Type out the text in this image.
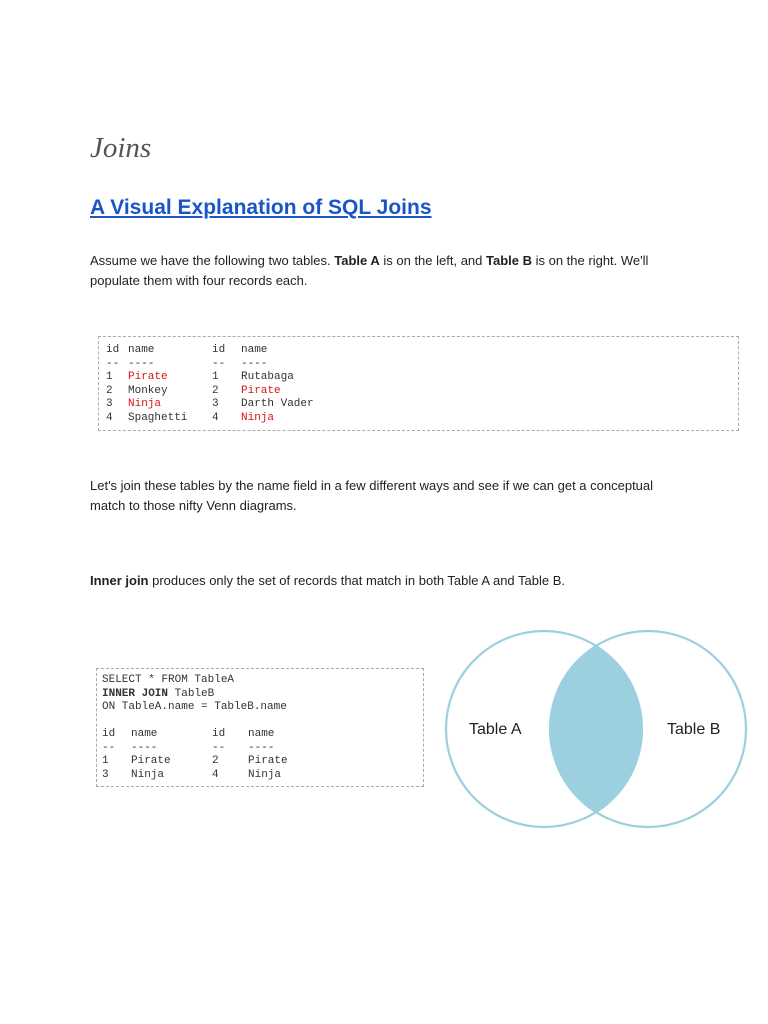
Joins
A Visual Explanation of SQL Joins

Assume we have the following two tables. Table A is on the left, and Table B is on the right. We'll populate them with four records each.

id
--
1
2
3
4
name
----
Pirate
Monkey
Ninja
Spaghetti
id
--
1
2
3
4
name
----
Rutabaga
Pirate
Darth Vader
Ninja

Let's join these tables by the name field in a few different ways and see if we can get a conceptual match to those nifty Venn diagrams.

Inner join produces only the set of records that match in both Table A and Table B.

SELECT * FROM TableA
INNER JOIN TableB
ON TableA.name = TableB.name
id
--
1
3
name
----
Pirate
Ninja
id
--
2
4
name
----
Pirate
Ninja
Table A	Table B
